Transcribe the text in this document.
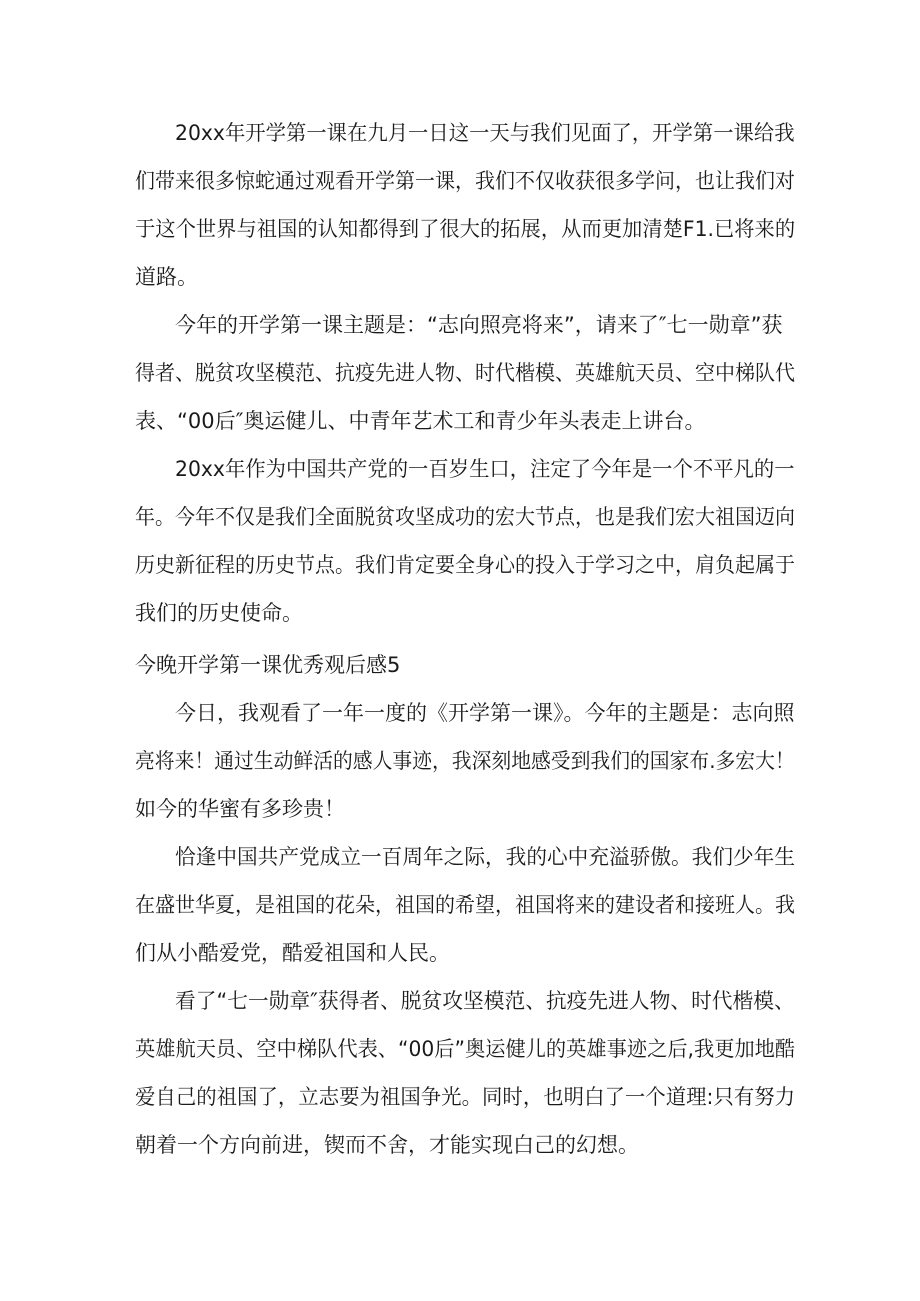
20xx年开学第一课在九月一日这一天与我们见面了，开学第一课给我

们带来很多惊蛇通过观看开学第一课，我们不仅收获很多学问，也让我们对

于这个世界与祖国的认知都得到了很大的拓展，从而更加清楚F1.已将来的

道路。

今年的开学第一课主题是：“志向照亮将来”，请来了″七一勋章”获

得者、脱贫攻坚模范、抗疫先进人物、时代楷模、英雄航天员、空中梯队代

表、“00后″奥运健儿、中青年艺术工和青少年头表走上讲台。

20xx年作为中国共产党的一百岁生口，注定了今年是一个不平凡的一

年。今年不仅是我们全面脱贫攻坚成功的宏大节点，也是我们宏大祖国迈向

历史新征程的历史节点。我们肯定要全身心的投入于学习之中，肩负起属于

我们的历史使命。

今晚开学第一课优秀观后感5

今日，我观看了一年一度的《开学第一课》。今年的主题是：志向照

亮将来！通过生动鲜活的感人事迹，我深刻地感受到我们的国家布.多宏大！

如今的华蜜有多珍贵！

恰逢中国共产党成立一百周年之际，我的心中充溢骄傲。我们少年生

在盛世华夏，是祖国的花朵，祖国的希望，祖国将来的建设者和接班人。我

们从小酷爱党，酷爱祖国和人民。

看了“七一勋章″获得者、脱贫攻坚模范、抗疫先进人物、时代楷模、

英雄航天员、空中梯队代表、“00后”奥运健儿的英雄事迹之后,我更加地酷

爱自己的祖国了，立志要为祖国争光。同时，也明白了一个道理:只有努力

朝着一个方向前进，锲而不舍，才能实现白己的幻想。
